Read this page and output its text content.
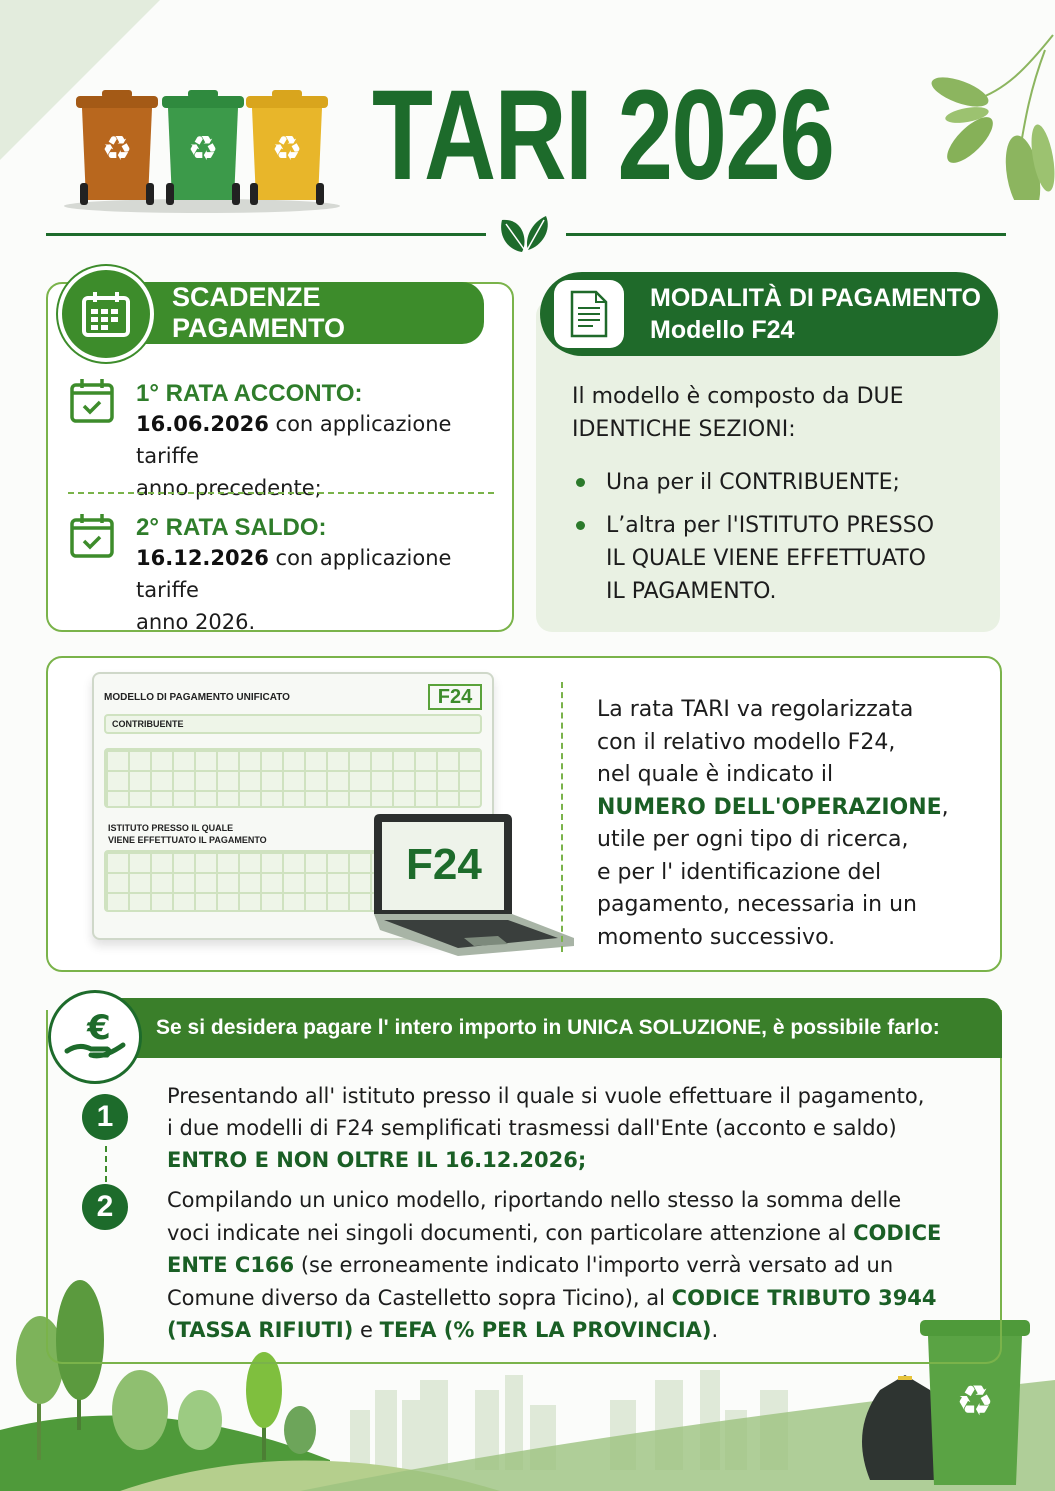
♻ ♻ ♻ TARI 2026
SCADENZE PAGAMENTO
1° RATA ACCONTO:
16.06.2026 con applicazione tariffe
anno precedente;
2° RATA SALDO:
16.12.2026 con applicazione tariffe
anno 2026.
MODALITÀ DI PAGAMENTO
Modello F24
Il modello è composto da DUE
IDENTICHE SEZIONI:
Una per il CONTRIBUENTE;
L’altra per l'ISTITUTO PRESSO
IL QUALE VIENE EFFETTUATO
IL PAGAMENTO.
MODELLO DI PAGAMENTO UNIFICATO	F24
CONTRIBUENTE
ISTITUTO PRESSO IL QUALE
VIENE EFFETTUATO IL PAGAMENTO	F24
La rata TARI va regolarizzata
con il relativo modello F24,
nel quale è indicato il
NUMERO DELL'OPERAZIONE,
utile per ogni tipo di ricerca,
e per l' identificazione del
pagamento, necessaria in un
momento successivo.
Se si desidera pagare l' intero importo in UNICA SOLUZIONE, è possibile farlo:
€
1
2
Presentando all' istituto presso il quale si vuole effettuare il pagamento,
i due modelli di F24 semplificati trasmessi dall'Ente (acconto e saldo)
ENTRO E NON OLTRE IL 16.12.2026;
Compilando un unico modello, riportando nello stesso la somma delle
voci indicate nei singoli documenti, con particolare attenzione al CODICE
ENTE C166 (se erroneamente indicato l'importo verrà versato ad un
Comune diverso da Castelletto sopra Ticino), al CODICE TRIBUTO 3944
(TASSA RIFIUTI) e TEFA (% PER LA PROVINCIA).
♻
